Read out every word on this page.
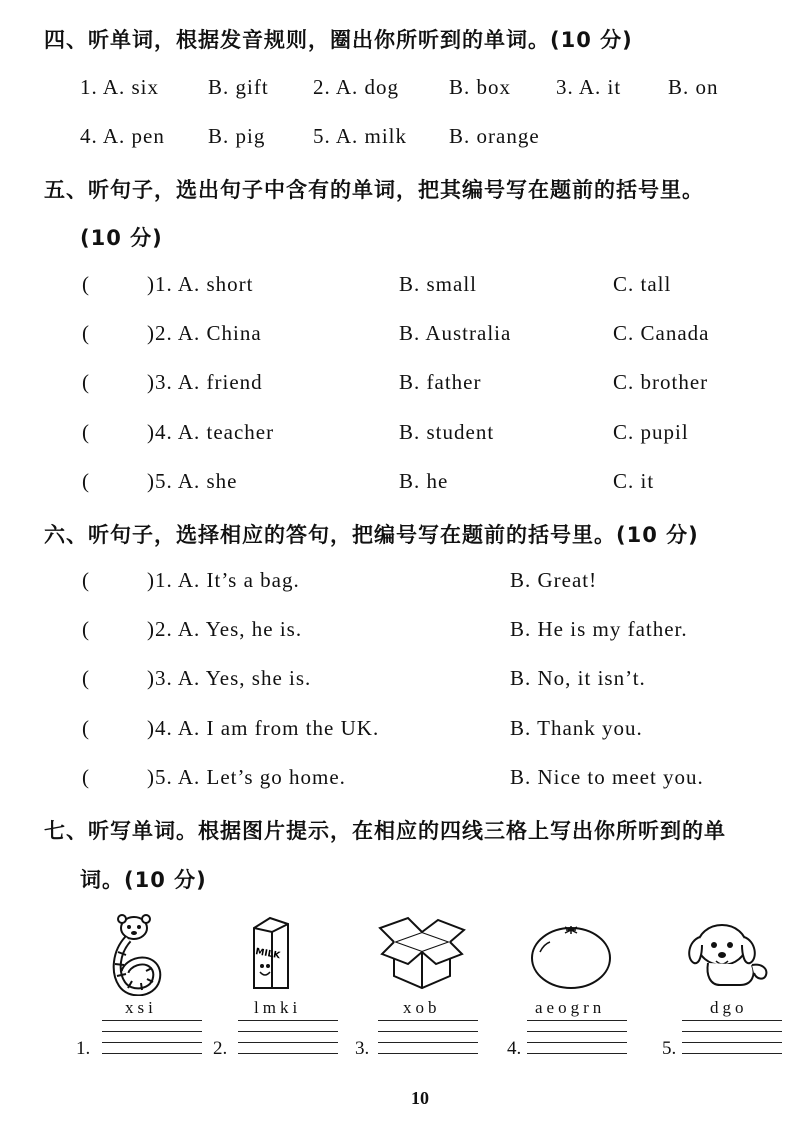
四、听单词，根据发音规则，圈出你所听到的单词。(10 分)
1. A. six B. gift 2. A. dog B. box 3. A. it B. on
4. A. pen B. pig 5. A. milk B. orange
五、听句子，选出句子中含有的单词，把其编号写在题前的括号里。
(10 分)
(	)1. A. short	B. small	C. tall
(	)2. A. China	B. Australia	C. Canada
(	)3. A. friend	B. father	C. brother
(	)4. A. teacher	B. student	C. pupil
(	)5. A. she	B. he	C. it
六、听句子，选择相应的答句，把编号写在题前的括号里。(10 分)
(	)1. A. It’s a bag.	B. Great!
(	)2. A. Yes, he is.	B. He is my father.
(	)3. A. Yes, she is.	B. No, it isn’t.
(	)4. A. I am from the UK.	B. Thank you.
(	)5. A. Let’s go home.	B. Nice to meet you.
七、听写单词。根据图片提示，在相应的四线三格上写出你所听到的单
词。(10 分)
MILK
xsi	lmki	xob	aeogrn	dgo
1.	2.	3.	4.	5.
10
